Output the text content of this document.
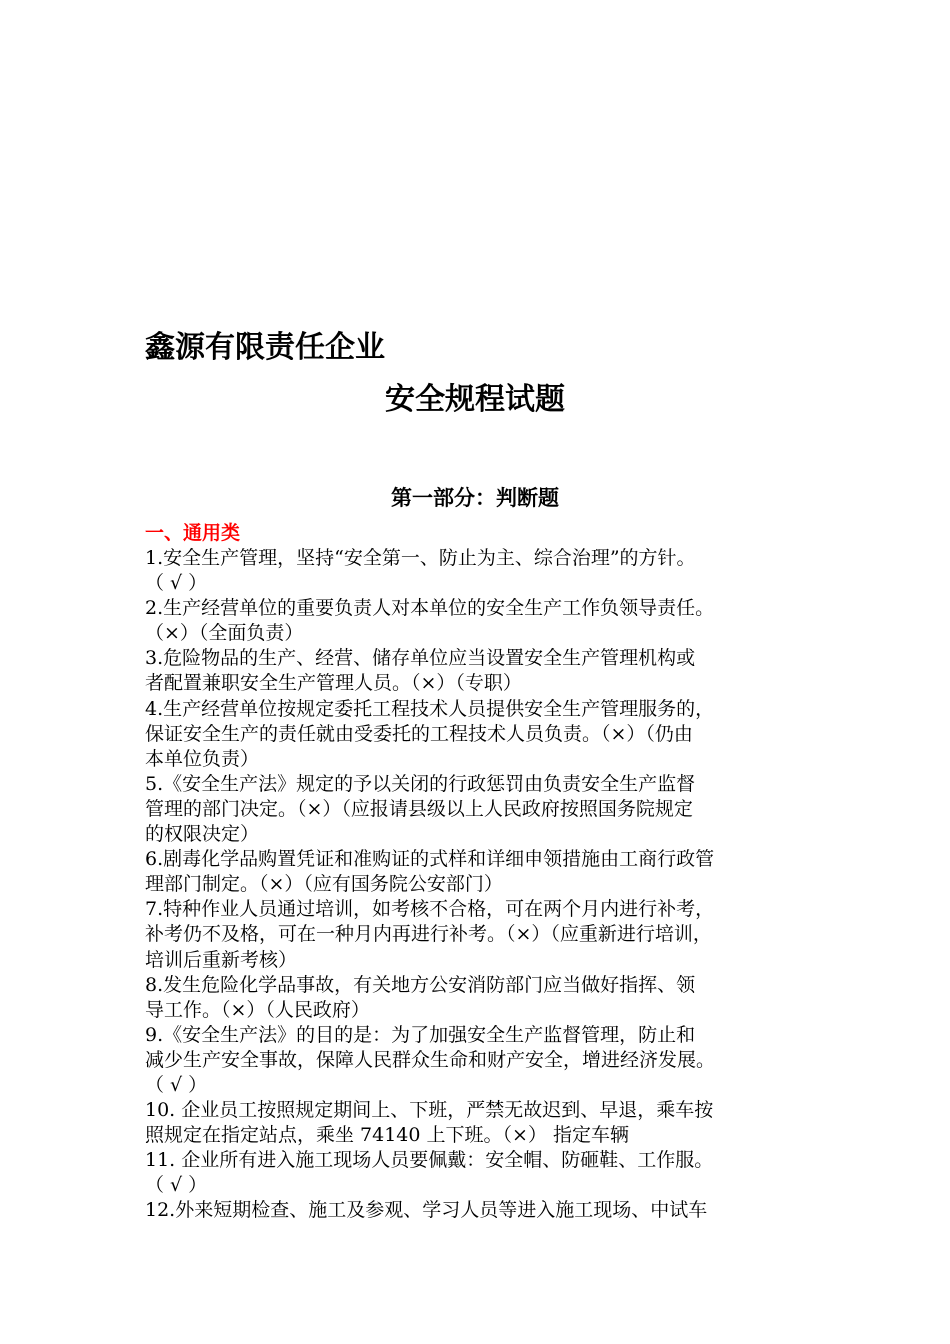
鑫源有限责任企业
安全规程试题
第一部分：判断题
一、通用类

1.安全生产管理，坚持“安全第一、防止为主、综合治理”的方针。
（ √ ）

2.生产经营单位的重要负责人对本单位的安全生产工作负领导责任。
（×）（全面负责）

3.危险物品的生产、经营、储存单位应当设置安全生产管理机构或
者配置兼职安全生产管理人员。（×）（专职）

4.生产经营单位按规定委托工程技术人员提供安全生产管理服务的，
保证安全生产的责任就由受委托的工程技术人员负责。（×）（仍由
本单位负责）

5.《安全生产法》规定的予以关闭的行政惩罚由负责安全生产监督
管理的部门决定。（×）（应报请县级以上人民政府按照国务院规定
的权限决定）

6.剧毒化学品购置凭证和准购证的式样和详细申领措施由工商行政管
理部门制定。（×）（应有国务院公安部门）

7.特种作业人员通过培训，如考核不合格，可在两个月内进行补考，
补考仍不及格，可在一种月内再进行补考。（×）（应重新进行培训，
培训后重新考核）

8.发生危险化学品事故，有关地方公安消防部门应当做好指挥、领
导工作。（×）（人民政府）

9.《安全生产法》的目的是：为了加强安全生产监督管理，防止和
减少生产安全事故，保障人民群众生命和财产安全，增进经济发展。
（ √ ）

10. 企业员工按照规定期间上、下班，严禁无故迟到、早退，乘车按
照规定在指定站点，乘坐 74140 上下班。（×） 指定车辆

11. 企业所有进入施工现场人员要佩戴：安全帽、防砸鞋、工作服。
（ √ ）

12.外来短期检查、施工及参观、学习人员等进入施工现场、中试车
